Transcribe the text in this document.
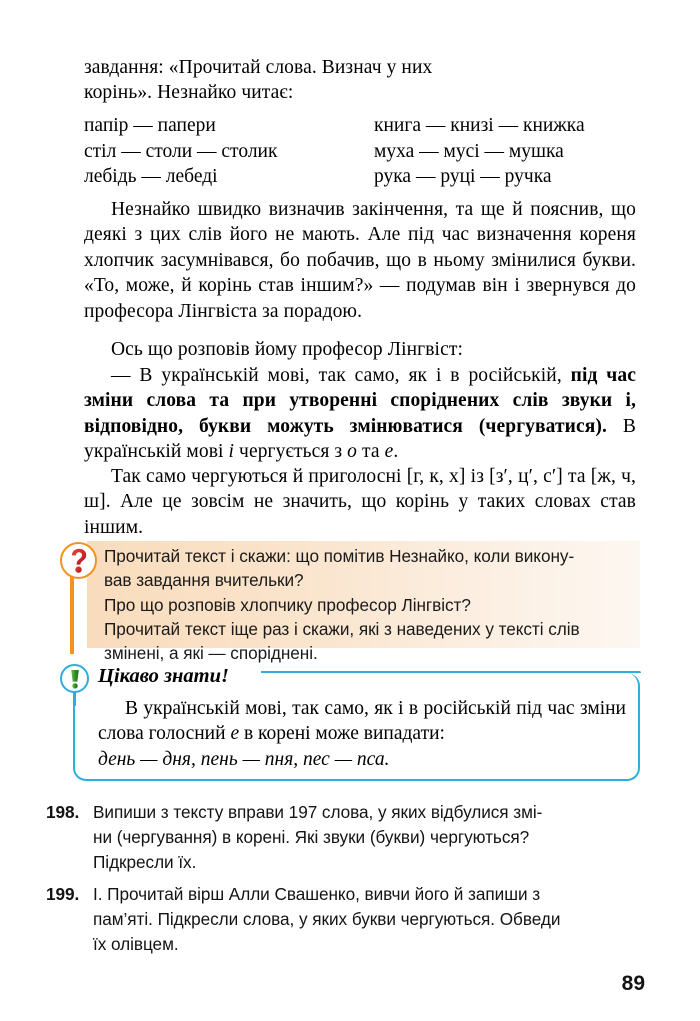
завдання: «Прочитай слова. Визнач у них
корінь». Незнайко читає:
папір — папери	книга — книзі — книжка
стіл — столи — столик	муха — мусі — мушка
лебідь — лебеді	рука — руці — ручка
Незнайко швидко визначив закінчення, та ще й пояснив, що деякі з цих слів його не мають. Але під час визначення кореня хлопчик засумнівався, бо побачив, що в ньому змінилися букви. «То, може, й корінь став іншим?» — подумав він і звернувся до професора Лінгвіста за порадою.
Ось що розповів йому професор Лінгвіст:
— В українській мові, так само, як і в російській, під час зміни слова та при утворенні споріднених слів звуки і, відповідно, букви можуть змінюватися (чергуватися). В українській мові і чергується з о та е.
Так само чергуються й приголосні [г, к, х] із [з′, ц′, с′] та [ж, ч, ш]. Але це зовсім не значить, що корінь у таких словах став іншим.
Прочитай текст і скажи: що помітив Незнайко, коли викону-
вав завдання вчительки?
Про що розповів хлопчику професор Лінгвіст?
Прочитай текст іще раз і скажи, які з наведених у тексті слів
змінені, а які — споріднені.
Цікаво знати!
В українській мові, так само, як і в російській під час зміни слова голосний е в корені може випадати:
день — дня, пень — пня, пес — пса.
198. Випиши з тексту вправи 197 слова, у яких відбулися змі-
ни (чергування) в корені. Які звуки (букви) чергуються?
Підкресли їх.
199. І. Прочитай вірш Алли Свашенко, вивчи його й запиши з
пам’яті. Підкресли слова, у яких букви чергуються. Обведи
їх олівцем.
89
